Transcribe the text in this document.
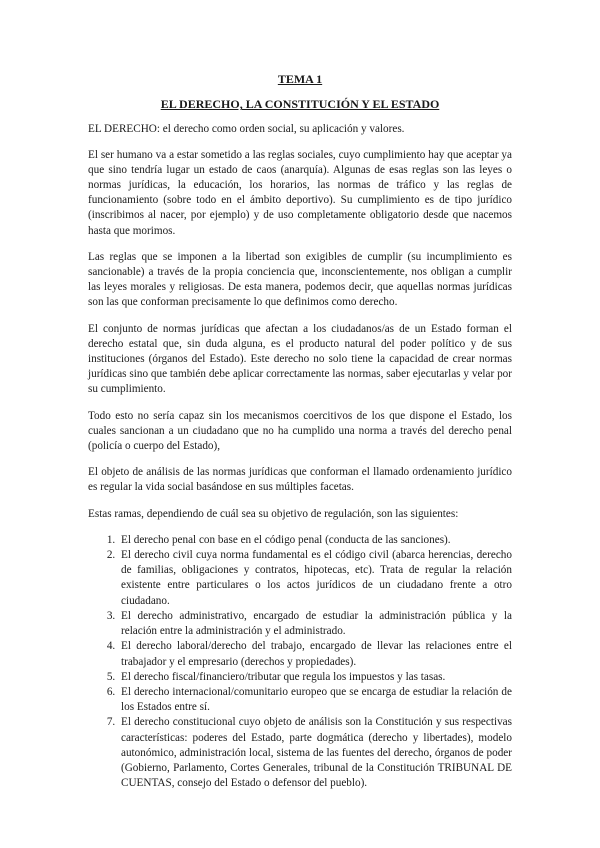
TEMA 1
EL DERECHO, LA CONSTITUCIÓN Y EL ESTADO

EL DERECHO: el derecho como orden social, su aplicación y valores.

El ser humano va a estar sometido a las reglas sociales, cuyo cumplimiento hay que aceptar ya que sino tendría lugar un estado de caos (anarquía). Algunas de esas reglas son las leyes o normas jurídicas, la educación, los horarios, las normas de tráfico y las reglas de funcionamiento (sobre todo en el ámbito deportivo). Su cumplimiento es de tipo jurídico (inscribimos al nacer, por ejemplo) y de uso completamente obligatorio desde que nacemos hasta que morimos.

Las reglas que se imponen a la libertad son exigibles de cumplir (su incumplimiento es sancionable) a través de la propia conciencia que, inconscientemente, nos obligan a cumplir las leyes morales y religiosas. De esta manera, podemos decir, que aquellas normas jurídicas son las que conforman precisamente lo que definimos como derecho.

El conjunto de normas jurídicas que afectan a los ciudadanos/as de un Estado forman el derecho estatal que, sin duda alguna, es el producto natural del poder político y de sus instituciones (órganos del Estado). Este derecho no solo tiene la capacidad de crear normas jurídicas sino que también debe aplicar correctamente las normas, saber ejecutarlas y velar por su cumplimiento.

Todo esto no sería capaz sin los mecanismos coercitivos de los que dispone el Estado, los cuales sancionan a un ciudadano que no ha cumplido una norma a través del derecho penal (policía o cuerpo del Estado),

El objeto de análisis de las normas jurídicas que conforman el llamado ordenamiento jurídico es regular la vida social basándose en sus múltiples facetas.

Estas ramas, dependiendo de cuál sea su objetivo de regulación, son las siguientes:

1. El derecho penal con base en el código penal (conducta de las sanciones).
2. El derecho civil cuya norma fundamental es el código civil (abarca herencias, derecho de familias, obligaciones y contratos, hipotecas, etc). Trata de regular la relación existente entre particulares o los actos jurídicos de un ciudadano frente a otro ciudadano.
3. El derecho administrativo, encargado de estudiar la administración pública y la relación entre la administración y el administrado.
4. El derecho laboral/derecho del trabajo, encargado de llevar las relaciones entre el trabajador y el empresario (derechos y propiedades).
5. El derecho fiscal/financiero/tributar que regula los impuestos y las tasas.
6. El derecho internacional/comunitario europeo que se encarga de estudiar la relación de los Estados entre sí.
7. El derecho constitucional cuyo objeto de análisis son la Constitución y sus respectivas características: poderes del Estado, parte dogmática (derecho y libertades), modelo autonómico, administración local, sistema de las fuentes del derecho, órganos de poder (Gobierno, Parlamento, Cortes Generales, tribunal de la Constitución TRIBUNAL DE CUENTAS, consejo del Estado o defensor del pueblo).
